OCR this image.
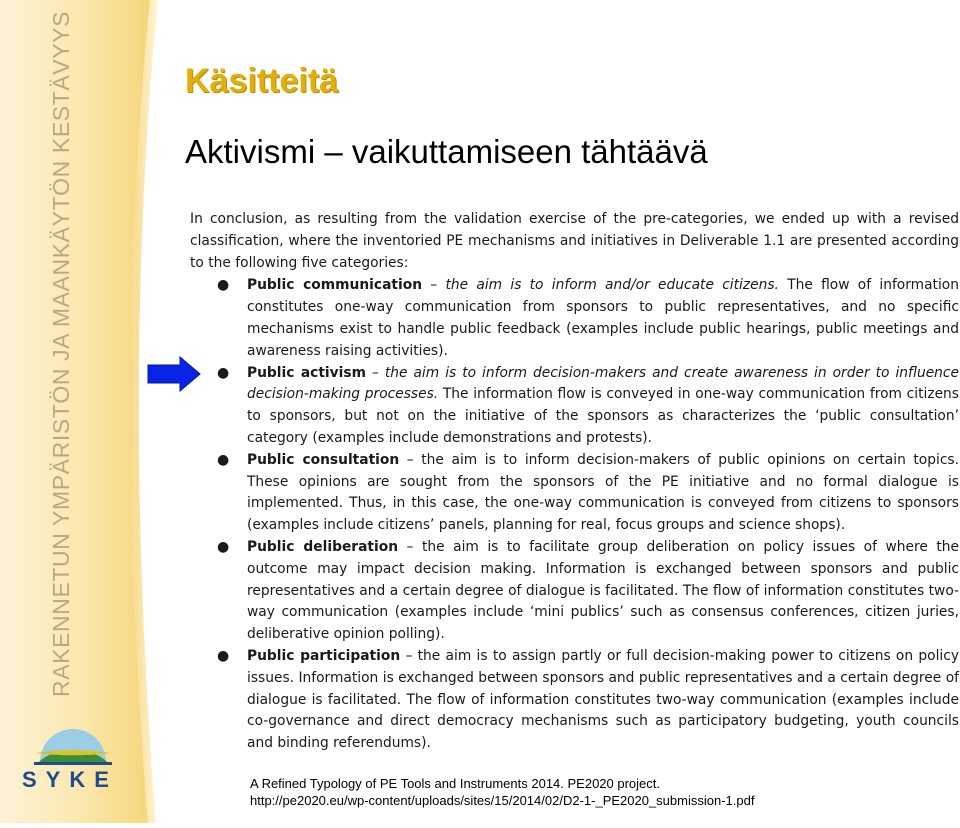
RAKENNETUN YMPÄRISTÖN JA MAANKÄYTÖN KESTÄVYYS
SYKE
Käsitteitä
Aktivismi – vaikuttamiseen tähtäävä

In conclusion, as resulting from the validation exercise of the pre-categories, we ended up with a revised classification, where the inventoried PE mechanisms and initiatives in Deliverable 1.1 are presented according to the following five categories:

● Public communication – the aim is to inform and/or educate citizens. The flow of information constitutes one-way communication from sponsors to public representatives, and no specific mechanisms exist to handle public feedback (examples include public hearings, public meetings and awareness raising activities).
● Public activism – the aim is to inform decision-makers and create awareness in order to influence decision-making processes. The information flow is conveyed in one-way communication from citizens to sponsors, but not on the initiative of the sponsors as characterizes the ‘public consultation’ category (examples include demonstrations and protests).
● Public consultation – the aim is to inform decision-makers of public opinions on certain topics. These opinions are sought from the sponsors of the PE initiative and no formal dialogue is implemented. Thus, in this case, the one-way communication is conveyed from citizens to sponsors (examples include citizens’ panels, planning for real, focus groups and science shops).
● Public deliberation – the aim is to facilitate group deliberation on policy issues of where the outcome may impact decision making. Information is exchanged between sponsors and public representatives and a certain degree of dialogue is facilitated. The flow of information constitutes two-way communication (examples include ‘mini publics’ such as consensus conferences, citizen juries, deliberative opinion polling).
● Public participation – the aim is to assign partly or full decision-making power to citizens on policy issues. Information is exchanged between sponsors and public representatives and a certain degree of dialogue is facilitated. The flow of information constitutes two-way communication (examples include co-governance and direct democracy mechanisms such as participatory budgeting, youth councils and binding referendums).
A Refined Typology of PE Tools and Instruments 2014. PE2020 project.
http://pe2020.eu/wp-content/uploads/sites/15/2014/02/D2-1-_PE2020_submission-1.pdf
